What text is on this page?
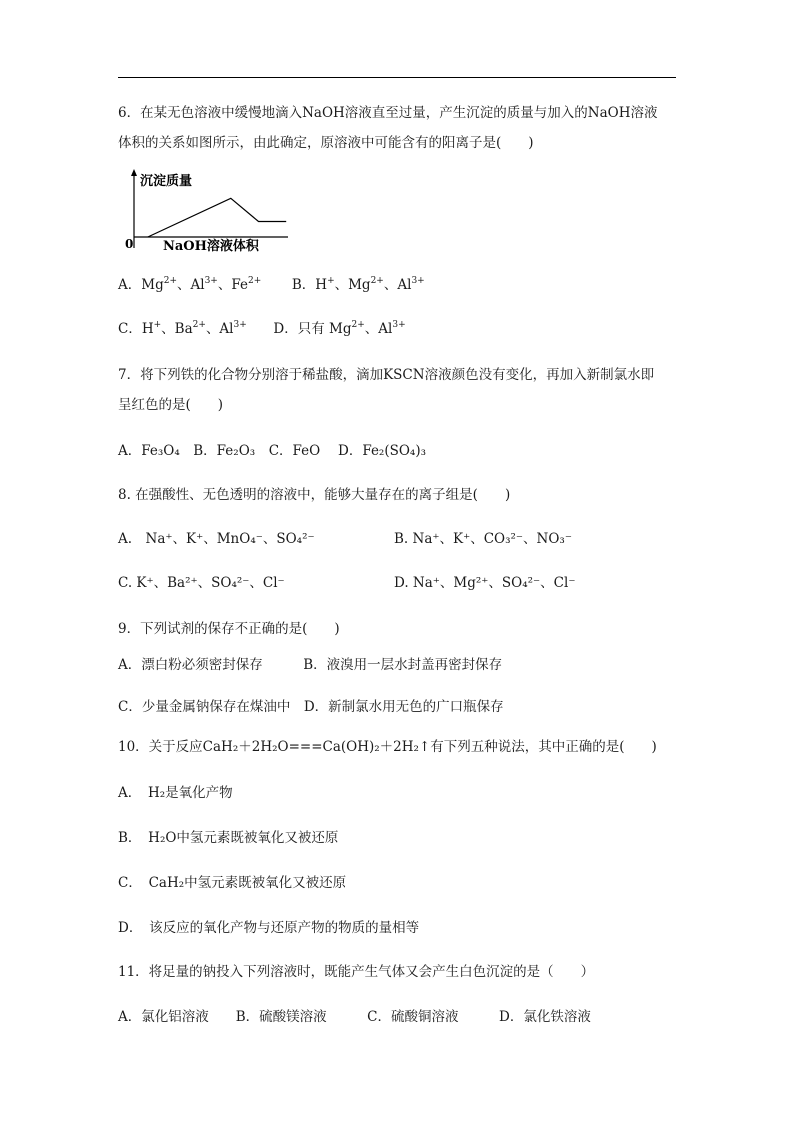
6．在某无色溶液中缓慢地滴入NaOH溶液直至过量，产生沉淀的质量与加入的NaOH溶液
体积的关系如图所示，由此确定，原溶液中可能含有的阳离子是(　　)
沉淀质量
NaOH溶液体积
0
A．$Mg^{2+}$、$Al^{3+}$、$Fe^{2+}$ B．H+、$Mg^{2+}$、$Al^{3+}$
C．H+、$Ba^{2+}$、$Al^{3+}$ D．只有 $Mg^{2+}$、$Al^{3+}$
7．将下列铁的化合物分别溶于稀盐酸，滴加KSCN溶液颜色没有变化，再加入新制氯水即
呈红色的是(　　)
A．Fe₃O₄　B．Fe₂O₃　C．FeO　 D．Fe₂(SO₄)₃
8. 在强酸性、无色透明的溶液中，能够大量存在的离子组是(　　)
A.　Na⁺、K⁺、MnO₄⁻、SO₄²⁻	B. Na⁺、K⁺、CO₃²⁻、NO₃⁻
C. K⁺、Ba²⁺、SO₄²⁻、Cl⁻	D. Na⁺、Mg²⁺、SO₄²⁻、Cl⁻
9．下列试剂的保存不正确的是(　　)
A．漂白粉必须密封保存　　　B．液溴用一层水封盖再密封保存
C．少量金属钠保存在煤油中　D．新制氯水用无色的广口瓶保存
10．关于反应CaH₂＋2H₂O===Ca(OH)₂＋2H₂↑有下列五种说法，其中正确的是(　　)
A．　H₂是氧化产物
B．　H₂O中氢元素既被氧化又被还原
C．　CaH₂中氢元素既被氧化又被还原
D．　该反应的氧化产物与还原产物的物质的量相等
11．将足量的钠投入下列溶液时，既能产生气体又会产生白色沉淀的是（　　）
A．氯化铝溶液　　B．硫酸镁溶液　　　C．硫酸铜溶液　　　D．氯化铁溶液
